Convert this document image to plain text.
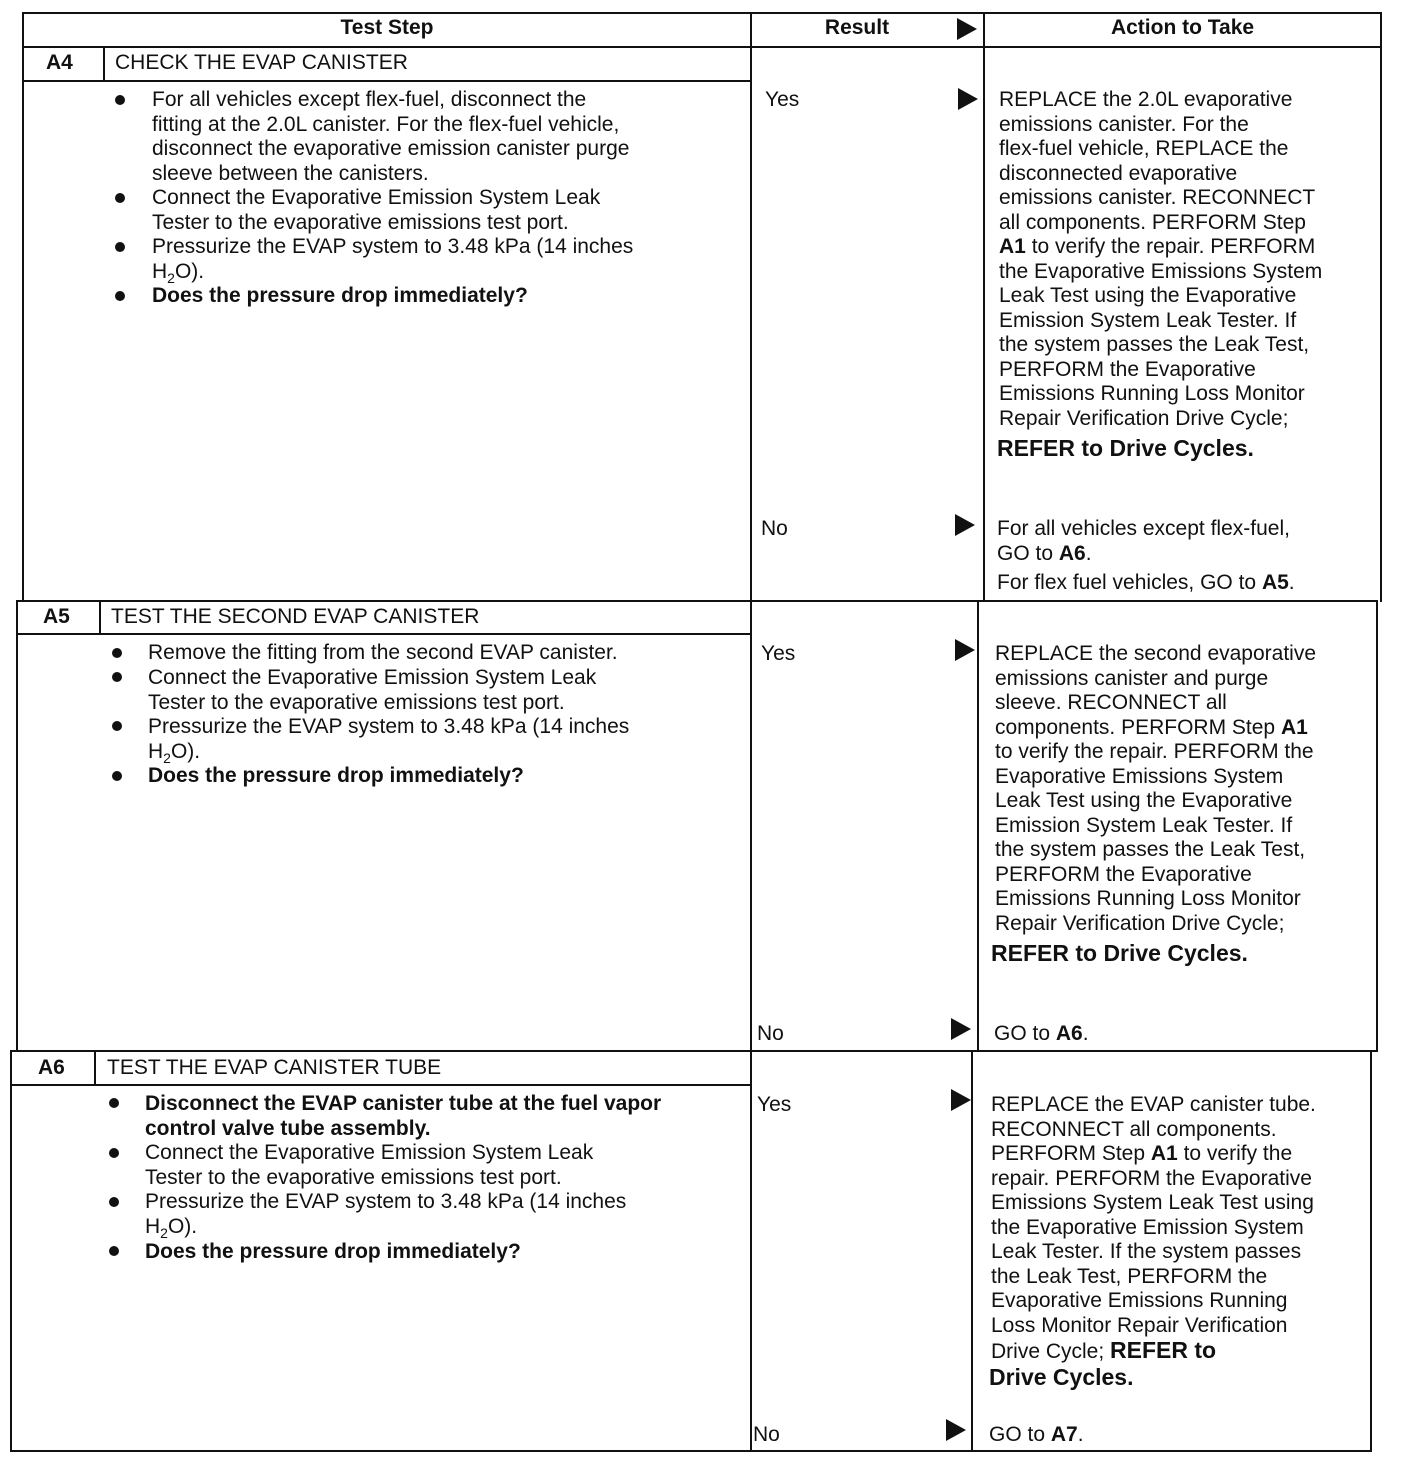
Test Step	Result	Action to Take
A4 CHECK THE EVAP CANISTER
For all vehicles except flex-fuel, disconnect the
fitting at the 2.0L canister. For the flex-fuel vehicle,
disconnect the evaporative emission canister purge
sleeve between the canisters.
Connect the Evaporative Emission System Leak
Tester to the evaporative emissions test port.
Pressurize the EVAP system to 3.48 kPa (14 inches
$H_2O$).
Does the pressure drop immediately?
Yes	REPLACE the 2.0L evaporative
emissions canister. For the
flex-fuel vehicle, REPLACE the
disconnected evaporative
emissions canister. RECONNECT
all components. PERFORM Step
A1 to verify the repair. PERFORM
the Evaporative Emissions System
Leak Test using the Evaporative
Emission System Leak Tester. If
the system passes the Leak Test,
PERFORM the Evaporative
Emissions Running Loss Monitor
Repair Verification Drive Cycle;
REFER to Drive Cycles.
No	For all vehicles except flex-fuel,
GO to A6.
For flex fuel vehicles, GO to A5.
A5 TEST THE SECOND EVAP CANISTER
Remove the fitting from the second EVAP canister.
Connect the Evaporative Emission System Leak
Tester to the evaporative emissions test port.
Pressurize the EVAP system to 3.48 kPa (14 inches
$H_2O$).
Does the pressure drop immediately?
Yes	REPLACE the second evaporative
emissions canister and purge
sleeve. RECONNECT all
components. PERFORM Step A1
to verify the repair. PERFORM the
Evaporative Emissions System
Leak Test using the Evaporative
Emission System Leak Tester. If
the system passes the Leak Test,
PERFORM the Evaporative
Emissions Running Loss Monitor
Repair Verification Drive Cycle;
REFER to Drive Cycles.
No	GO to A6.
A6 TEST THE EVAP CANISTER TUBE
Disconnect the EVAP canister tube at the fuel vapor
control valve tube assembly.
Connect the Evaporative Emission System Leak
Tester to the evaporative emissions test port.
Pressurize the EVAP system to 3.48 kPa (14 inches
$H_2O$).
Does the pressure drop immediately?
Yes	REPLACE the EVAP canister tube.
RECONNECT all components.
PERFORM Step A1 to verify the
repair. PERFORM the Evaporative
Emissions System Leak Test using
the Evaporative Emission System
Leak Tester. If the system passes
the Leak Test, PERFORM the
Evaporative Emissions Running
Loss Monitor Repair Verification
Drive Cycle; REFER to
Drive Cycles.
No	GO to A7.
